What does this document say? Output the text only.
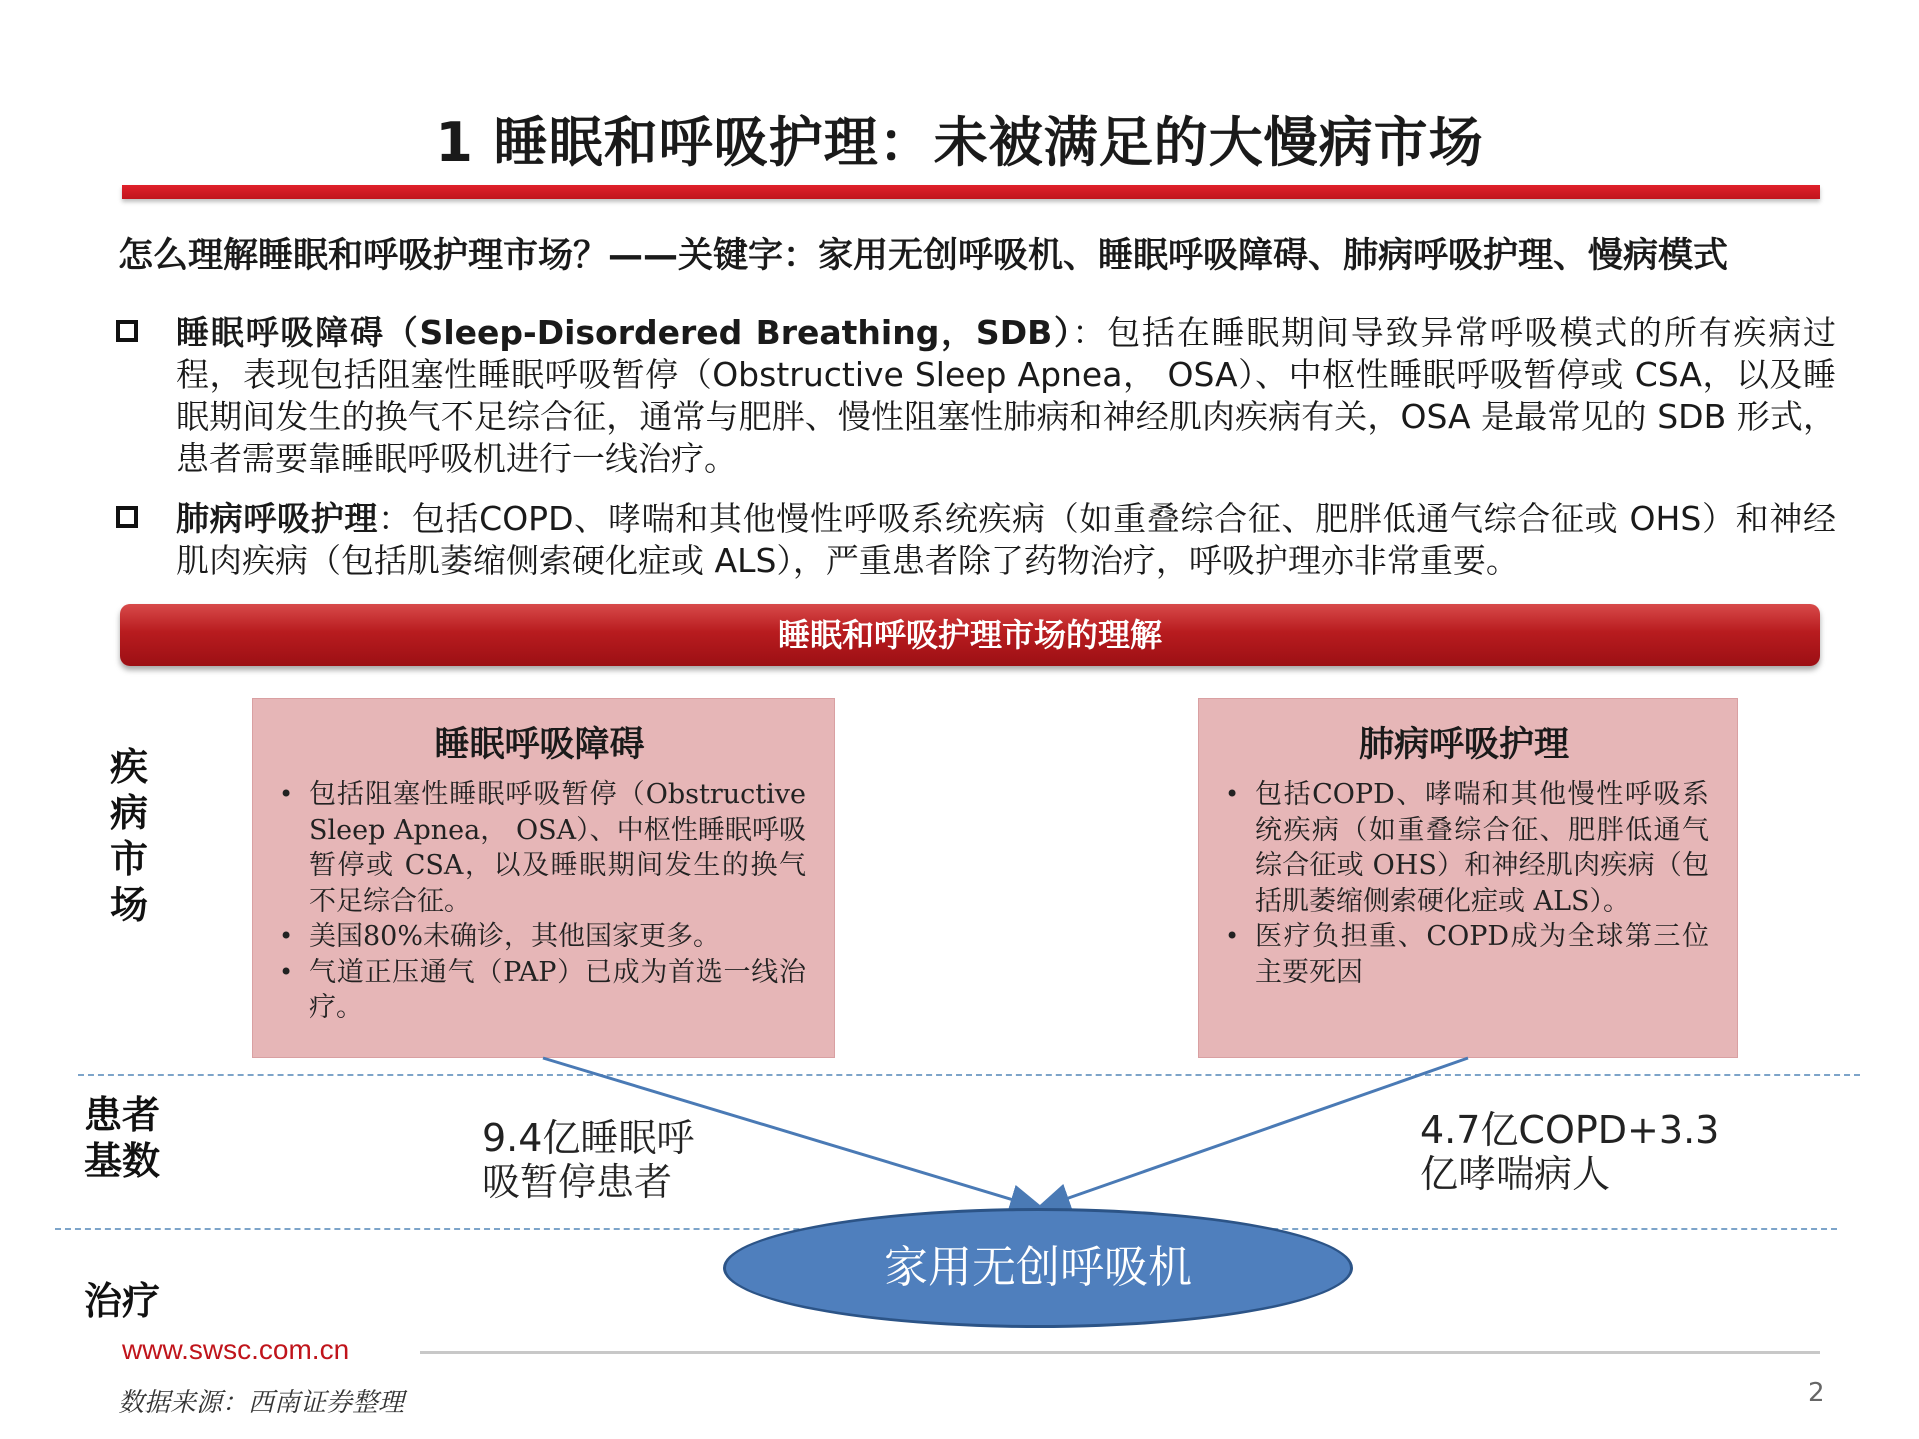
1 睡眠和呼吸护理：未被满足的大慢病市场
怎么理解睡眠和呼吸护理市场？——关键字：家用无创呼吸机、睡眠呼吸障碍、肺病呼吸护理、慢病模式
睡眠呼吸障碍（Sleep-Disordered Breathing，SDB）：包括在睡眠期间导致异常呼吸模式的所有疾病过程，表现包括阻塞性睡眠呼吸暂停（Obstructive Sleep Apnea， OSA）、中枢性睡眠呼吸暂停或 CSA，以及睡眠期间发生的换气不足综合征，通常与肥胖、慢性阻塞性肺病和神经肌肉疾病有关，OSA 是最常见的 SDB 形式，患者需要靠睡眠呼吸机进行一线治疗。
肺病呼吸护理：包括COPD、哮喘和其他慢性呼吸系统疾病（如重叠综合征、肥胖低通气综合征或 OHS）和神经肌肉疾病（包括肌萎缩侧索硬化症或 ALS），严重患者除了药物治疗，呼吸护理亦非常重要。
睡眠和呼吸护理市场的理解
疾病市场
患者基数
治疗
睡眠呼吸障碍
• 包括阻塞性睡眠呼吸暂停（Obstructive Sleep Apnea， OSA）、中枢性睡眠呼吸暂停或 CSA，以及睡眠期间发生的换气不足综合征。
• 美国80%未确诊，其他国家更多。
• 气道正压通气（PAP）已成为首选一线治疗。
肺病呼吸护理
• 包括COPD、哮喘和其他慢性呼吸系统疾病（如重叠综合征、肥胖低通气综合征或 OHS）和神经肌肉疾病（包括肌萎缩侧索硬化症或 ALS）。
• 医疗负担重、COPD成为全球第三位主要死因
9.4亿睡眠呼吸暂停患者
4.7亿COPD+3.3亿哮喘病人
家用无创呼吸机
www.swsc.com.cn
数据来源：西南证券整理	2
